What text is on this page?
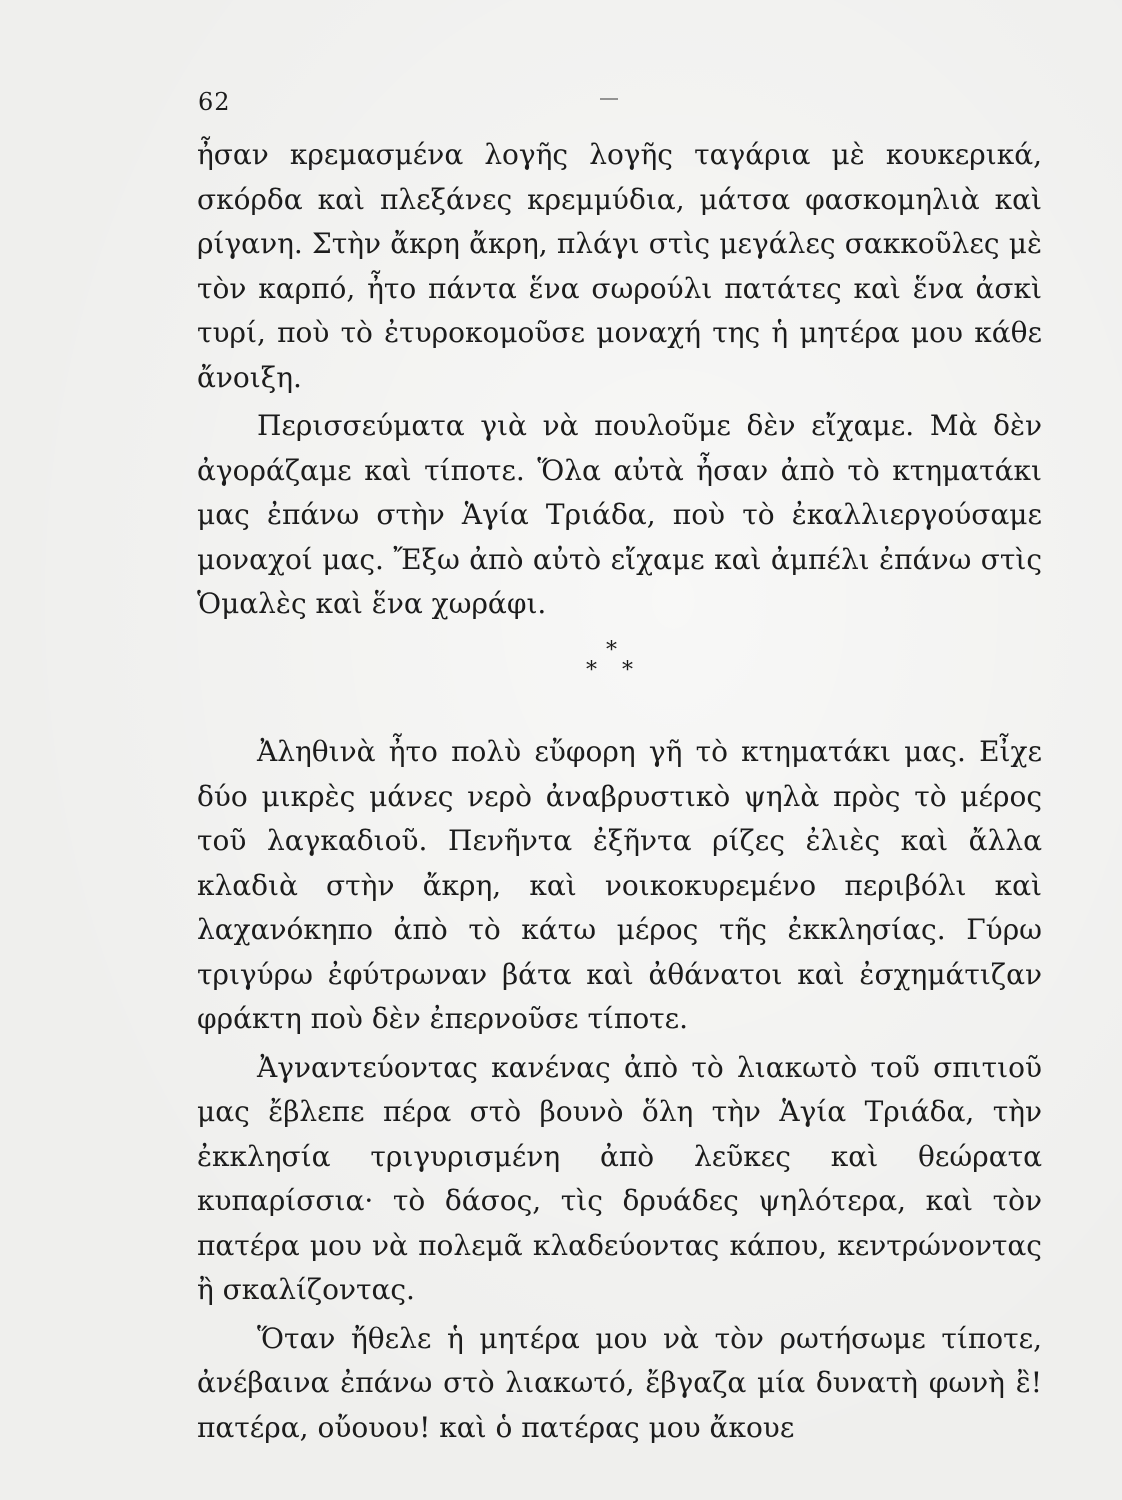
62

ἦσαν κρεμασμένα λογῆς λογῆς ταγάρια μὲ κουκερικά, σκόρδα καὶ πλεξάνες κρεμμύδια, μάτσα φασκομηλιὰ καὶ ρίγανη. Στὴν ἄκρη ἄκρη, πλάγι στὶς μεγάλες σακκοῦλες μὲ τὸν καρπό, ἦτο πάντα ἕνα σωρούλι πατάτες καὶ ἕνα ἀσκὶ τυρί, ποὺ τὸ ἐτυροκομοῦσε μοναχή της ἡ μητέρα μου κάθε ἄνοιξη.

Περισσεύματα γιὰ νὰ πουλοῦμε δὲν εἴχαμε. Μὰ δὲν ἀγοράζαμε καὶ τίποτε. Ὅλα αὐτὰ ἦσαν ἀπὸ τὸ κτηματάκι μας ἐπάνω στὴν Ἁγία Τριάδα, ποὺ τὸ ἐκαλλιεργούσαμε μοναχοί μας. Ἔξω ἀπὸ αὐτὸ εἴχαμε καὶ ἀμπέλι ἐπάνω στὶς Ὁμαλὲς καὶ ἕνα χωράφι.

*
* *

Ἀληθινὰ ἦτο πολὺ εὔφορη γῆ τὸ κτηματάκι μας. Εἶχε δύο μικρὲς μάνες νερὸ ἀναβρυστικὸ ψηλὰ πρὸς τὸ μέρος τοῦ λαγκαδιοῦ. Πενῆντα ἐξῆντα ρίζες ἐλιὲς καὶ ἄλλα κλαδιὰ στὴν ἄκρη, καὶ νοικοκυρεμένο περιβόλι καὶ λαχανόκηπο ἀπὸ τὸ κάτω μέρος τῆς ἐκκλησίας. Γύρω τριγύρω ἐφύτρωναν βάτα καὶ ἀθάνατοι καὶ ἐσχημάτιζαν φράκτη ποὺ δὲν ἐπερνοῦσε τίποτε.

Ἀγναντεύοντας κανένας ἀπὸ τὸ λιακωτὸ τοῦ σπιτιοῦ μας ἔβλεπε πέρα στὸ βουνὸ ὅλη τὴν Ἁγία Τριάδα, τὴν ἐκκλησία τριγυρισμένη ἀπὸ λεῦκες καὶ θεώρατα κυπαρίσσια· τὸ δάσος, τὶς δρυάδες ψηλότερα, καὶ τὸν πατέρα μου νὰ πολεμᾶ κλαδεύοντας κάπου, κεντρώνοντας ἢ σκαλίζοντας.

Ὅταν ἤθελε ἡ μητέρα μου νὰ τὸν ρωτήσωμε τίποτε, ἀνέβαινα ἐπάνω στὸ λιακωτό, ἔβγαζα μία δυνατὴ φωνὴ ἒ! πατέρα, οὔουου! καὶ ὁ πατέρας μου ἄκουε
